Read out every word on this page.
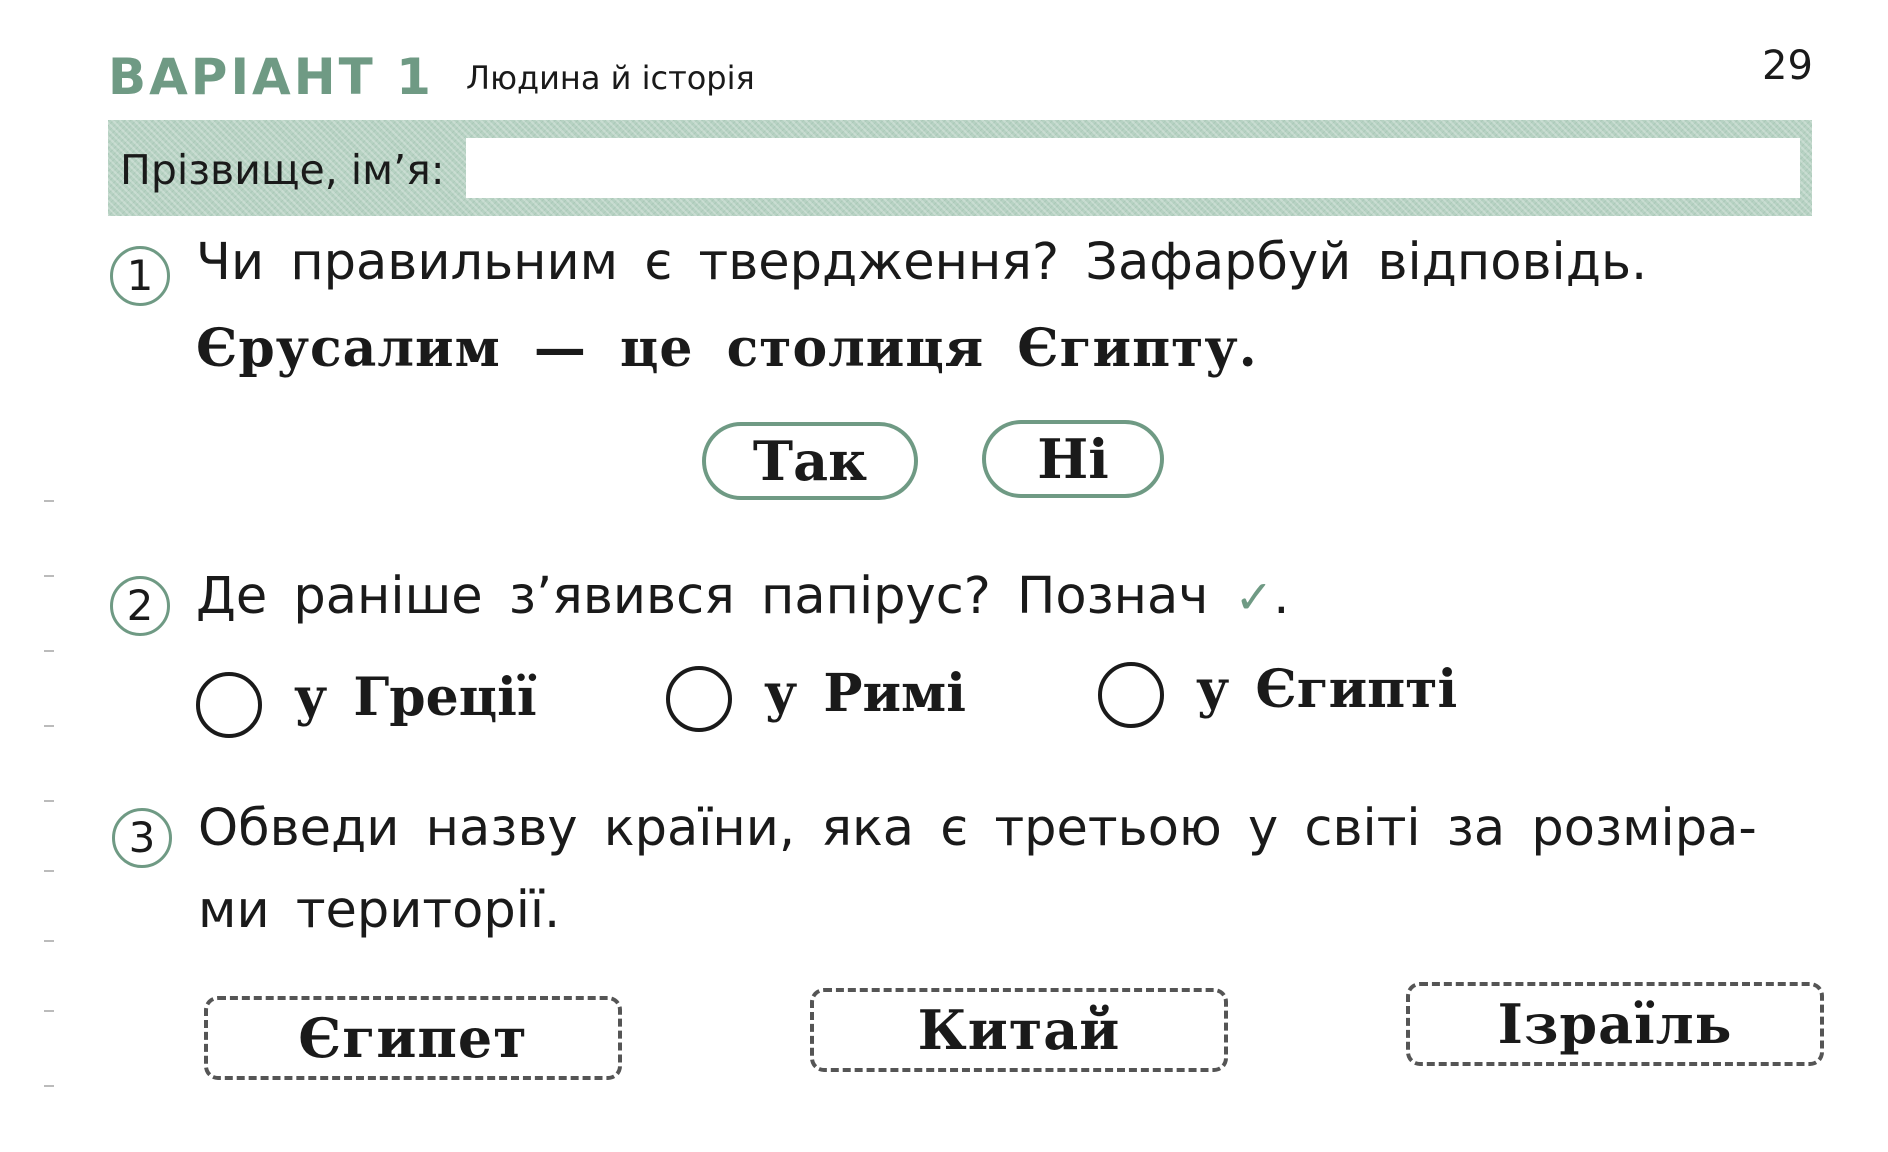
ВАРІАНТ 1 Людина й історія	29
Прізвище, ім’я:
1 Чи правильним є твердження? Зафарбуй відповідь.
Єрусалим — це столиця Єгипту.
Так	Ні
2 Де раніше з’явився папірус? Познач ✓.
у Греції	у Римі	у Єгипті
3 Обведи назву країни, яка є третьою у світі за розміра-
ми території.
Єгипет	Китай	Ізраїль
